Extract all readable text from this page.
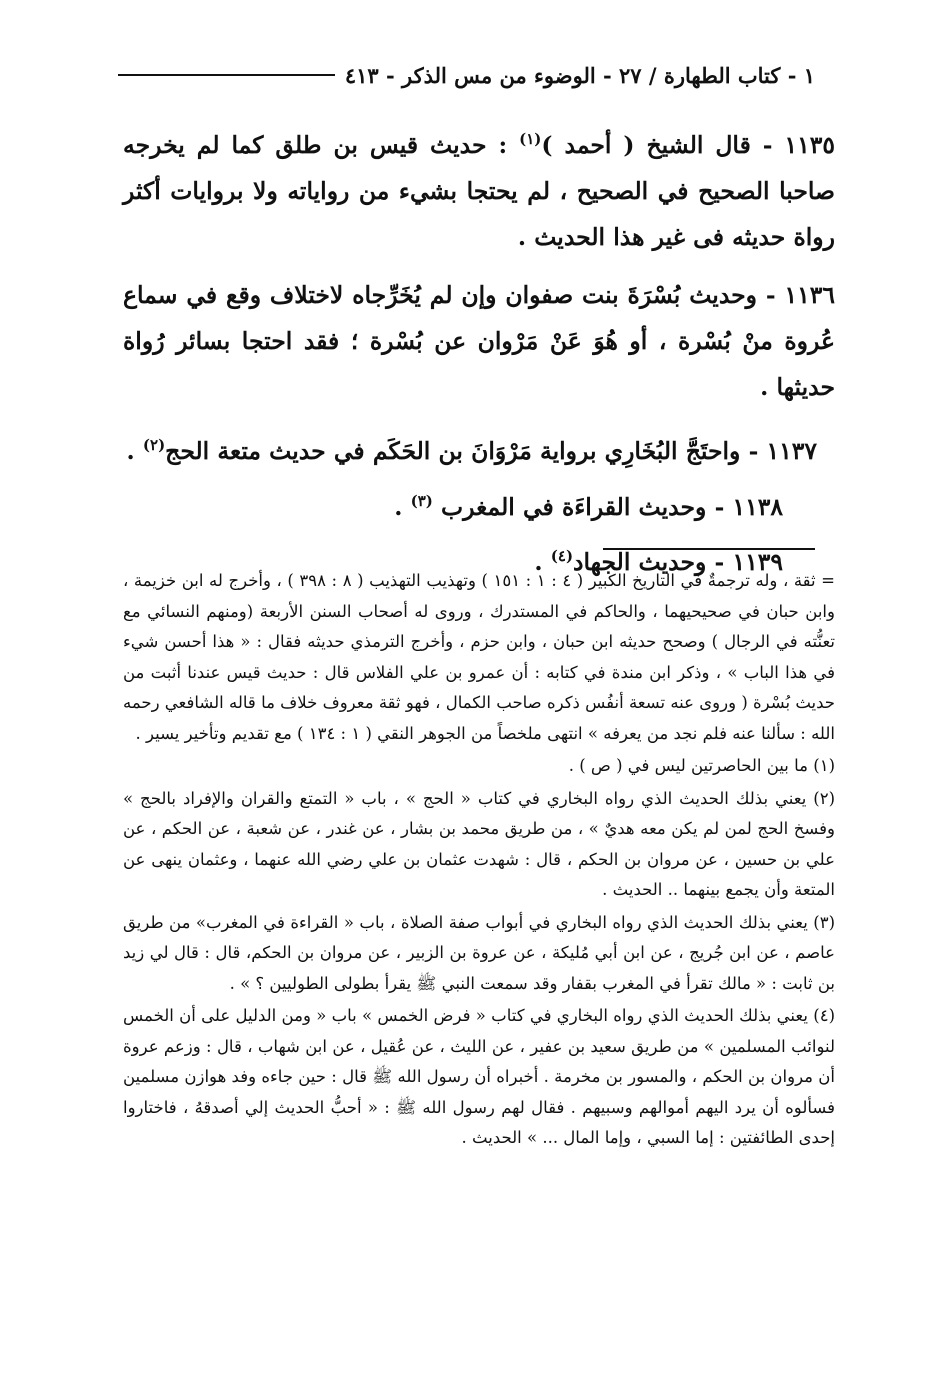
١ - كتاب الطهارة / ٢٧ - الوضوء من مس الذكر - ٤١٣

١١٣٥ - قال الشيخ ( أحمد )$^{(١)}$ : حديث قيس بن طلق كما لم يخرجه صاحبا الصحيح في الصحيح ، لم يحتجا بشيء من رواياته ولا بروايات أكثر رواة حديثه فى غير هذا الحديث .

١١٣٦ - وحديث بُسْرَةَ بنت صفوان وإن لم يُخَرِّجاه لاختلاف وقع في سماع عُروة منْ بُسْرة ، أو هُوَ عَنْ مَرْوان عن بُسْرة ؛ فقد احتجا بسائر رُواة حديثها .

١١٣٧ - واحتَجَّ البُخَارِي برواية مَرْوَانَ بن الحَكَم في حديث متعة الحج$^{(٢)}$ .

١١٣٨ - وحديث القراءَة في المغرب $^{(٣)}$ .

١١٣٩ - وحديث الجهاد$^{(٤)}$ .

= ثقة ، وله ترجمةٌ في التاريخ الكبير ( ٤ : ١ : ١٥١ ) وتهذيب التهذيب ( ٨ : ٣٩٨ ) ، وأخرج له ابن خزيمة ، وابن حبان في صحيحيهما ، والحاكم في المستدرك ، وروى له أصحاب السنن الأربعة (ومنهم النسائي مع تعنُّته في الرجال ) وصحح حديثه ابن حبان ، وابن حزم ، وأخرج الترمذي حديثه فقال : « هذا أحسن شيء في هذا الباب » ، وذكر ابن مندة في كتابه : أن عمرو بن علي الفلاس قال : حديث قيس عندنا أثبت من حديث بُسْرة ( وروى عنه تسعة أنفُس ذكره صاحب الكمال ، فهو ثقة معروف خلاف ما قاله الشافعي رحمه الله : سألنا عنه فلم نجد من يعرفه » انتهى ملخصاً من الجوهر النقي ( ١ : ١٣٤ ) مع تقديم وتأخير يسير .

(١) ما بين الحاصرتين ليس في ( ص ) .

(٢) يعني بذلك الحديث الذي رواه البخاري في كتاب « الحج » ، باب « التمتع والقران والإفراد بالحج » وفسخ الحج لمن لم يكن معه هديٌ » ، من طريق محمد بن بشار ، عن غندر ، عن شعبة ، عن الحكم ، عن علي بن حسين ، عن مروان بن الحكم ، قال : شهدت عثمان بن علي رضي الله عنهما ، وعثمان ينهى عن المتعة وأن يجمع بينهما .. الحديث .

(٣) يعني بذلك الحديث الذي رواه البخاري في أبواب صفة الصلاة ، باب « القراءة في المغرب» من طريق عاصم ، عن ابن جُريج ، عن ابن أبي مُليكة ، عن عروة بن الزبير ، عن مروان بن الحكم، قال : قال لي زيد بن ثابت : « مالك تقرأ في المغرب بقفار وقد سمعت النبي ﷺ يقرأ بطولى الطوليين ؟ » .

(٤) يعني بذلك الحديث الذي رواه البخاري في كتاب « فرض الخمس » باب « ومن الدليل على أن الخمس لنوائب المسلمين » من طريق سعيد بن عفير ، عن الليث ، عن عُقيل ، عن ابن شهاب ، قال : وزعم عروة أن مروان بن الحكم ، والمسور بن مخرمة . أخبراه أن رسول الله ﷺ قال : حين جاءه وفد هوازن مسلمين فسألوه أن يرد اليهم أموالهم وسبيهم . فقال لهم رسول الله ﷺ : « أحبُّ الحديث إلي أصدقهُ ، فاختاروا إحدى الطائفتين : إما السبي ، وإما المال ... » الحديث .
